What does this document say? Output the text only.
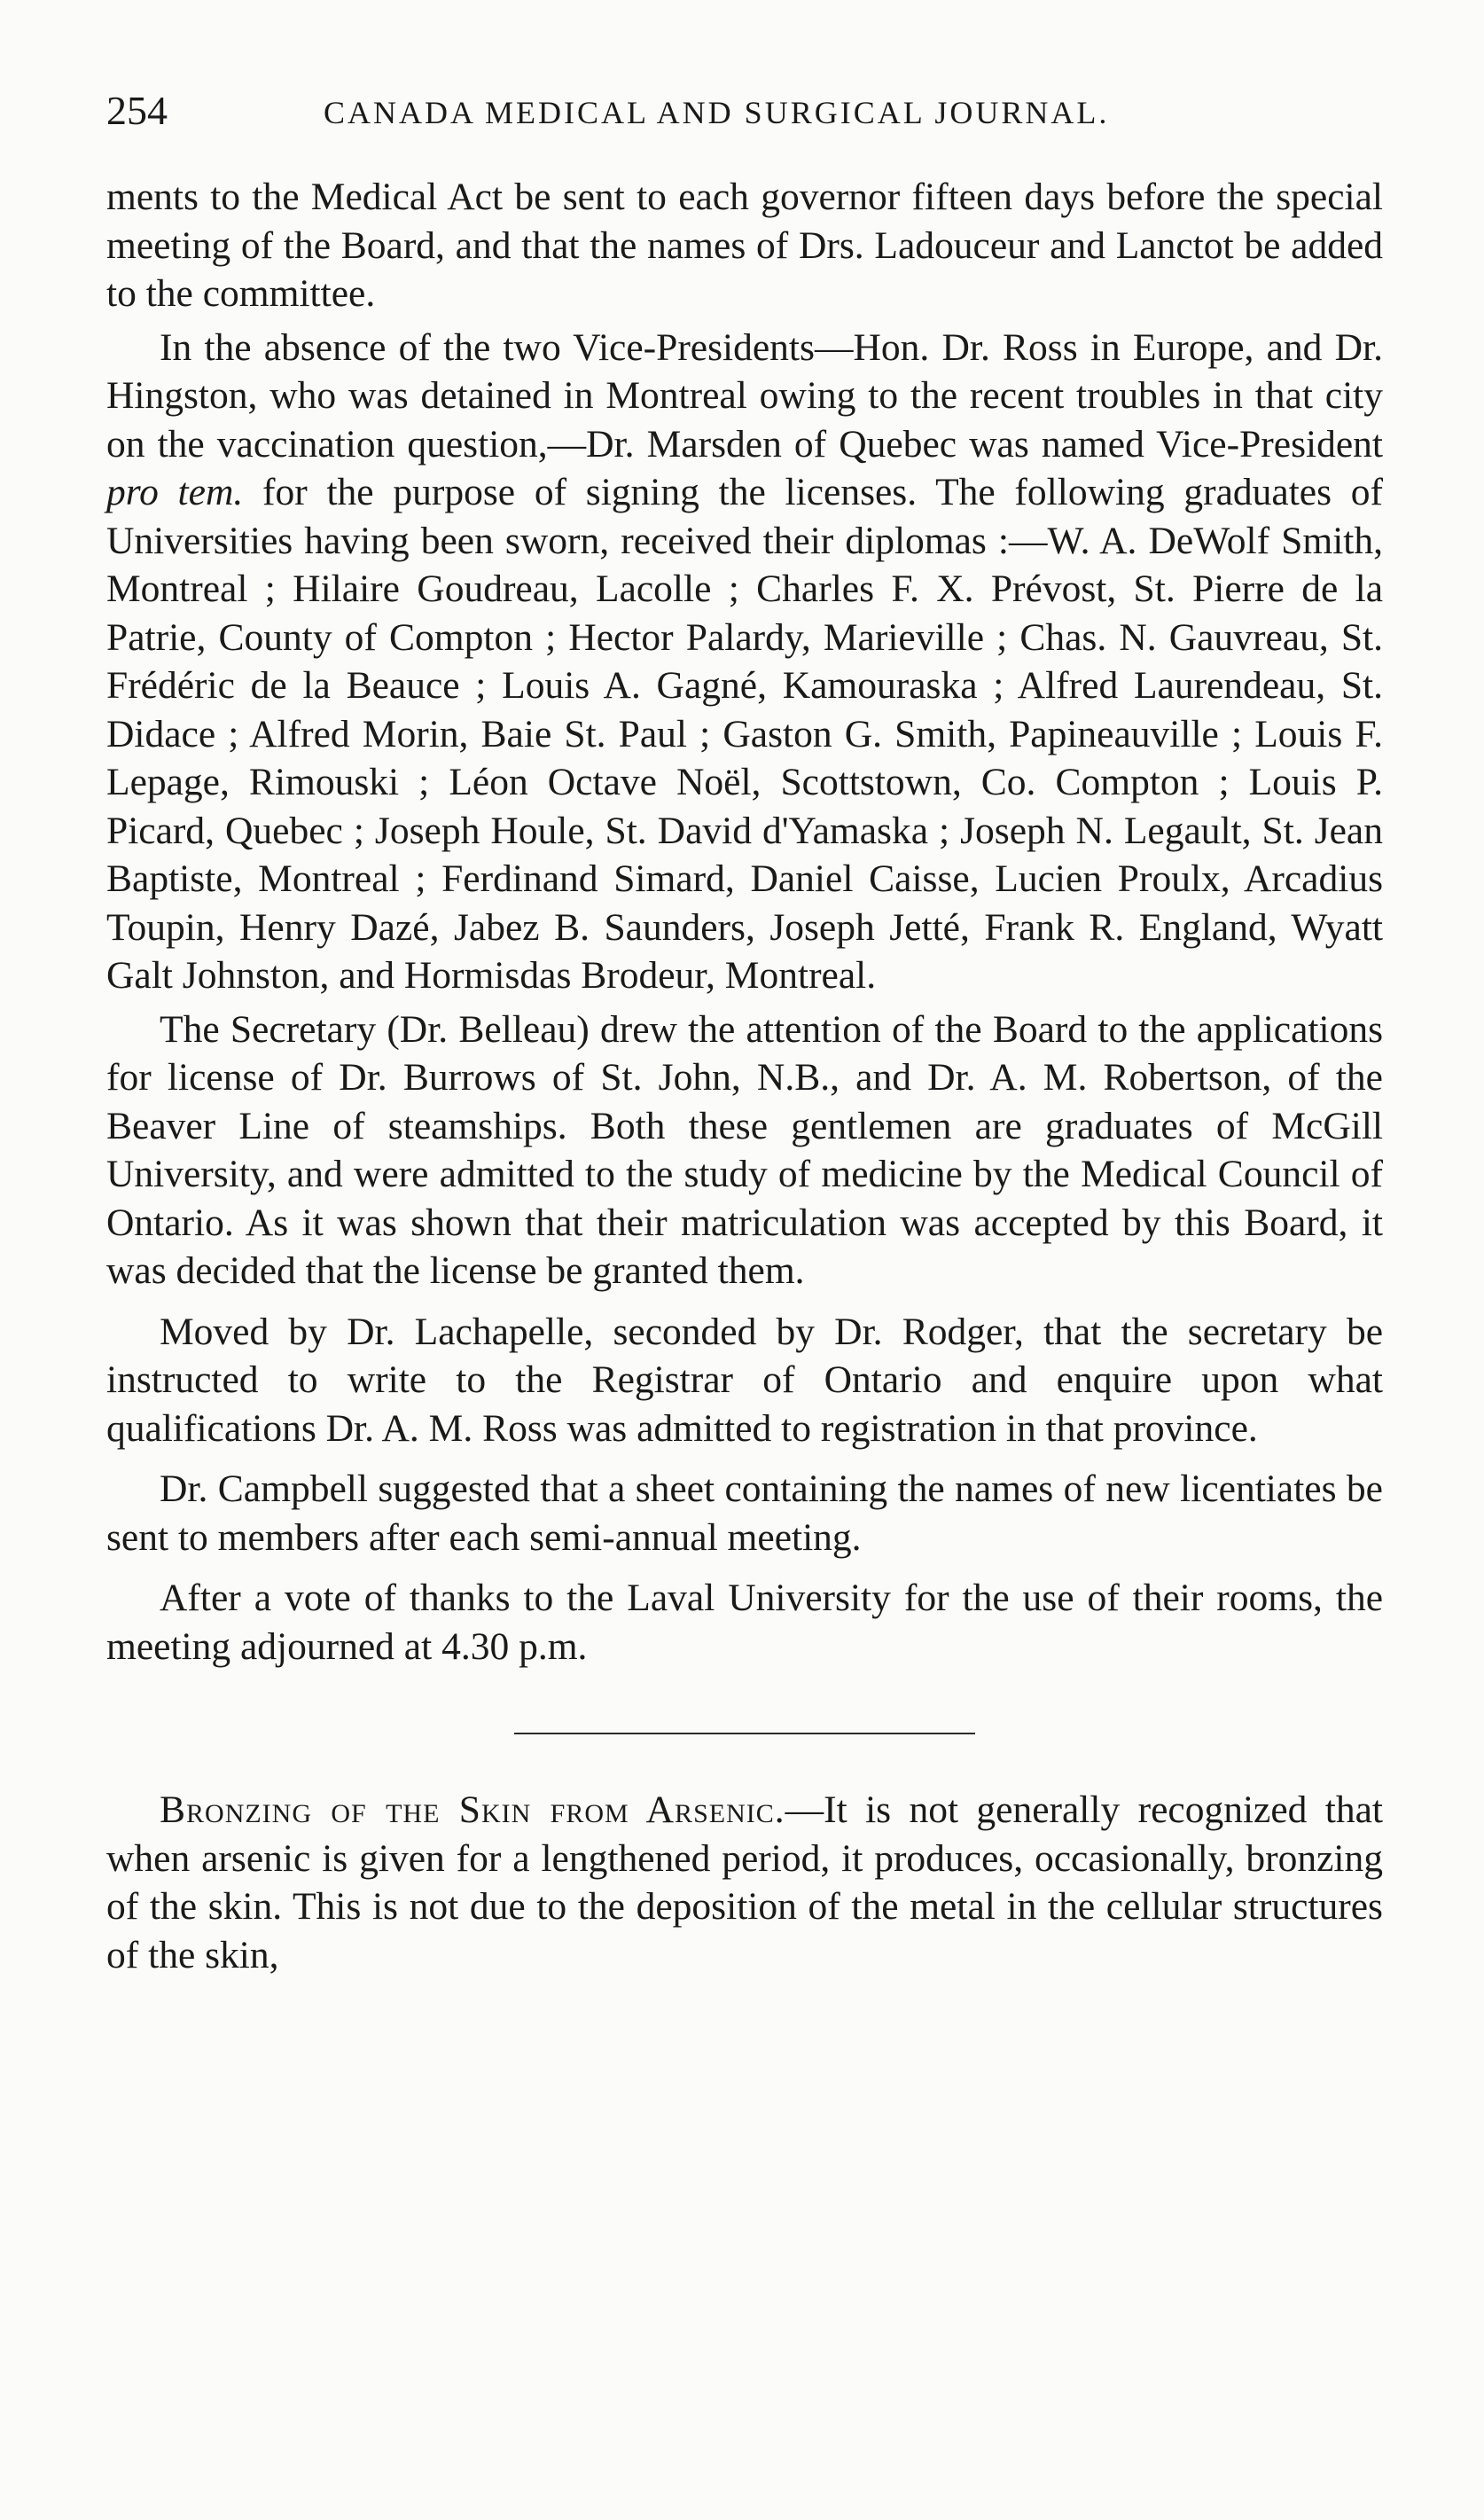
254	CANADA MEDICAL AND SURGICAL JOURNAL.

ments to the Medical Act be sent to each governor fifteen days before the special meeting of the Board, and that the names of Drs. Ladouceur and Lanctot be added to the committee.

In the absence of the two Vice-Presidents—Hon. Dr. Ross in Europe, and Dr. Hingston, who was detained in Montreal owing to the recent troubles in that city on the vaccination question,—Dr. Marsden of Quebec was named Vice-President pro tem. for the purpose of signing the licenses. The following graduates of Universities having been sworn, received their diplomas :—W. A. DeWolf Smith, Montreal ; Hilaire Goudreau, Lacolle ; Charles F. X. Prévost, St. Pierre de la Patrie, County of Compton ; Hector Palardy, Marieville ; Chas. N. Gauvreau, St. Frédéric de la Beauce ; Louis A. Gagné, Kamouraska ; Alfred Laurendeau, St. Didace ; Alfred Morin, Baie St. Paul ; Gaston G. Smith, Papineauville ; Louis F. Lepage, Rimouski ; Léon Octave Noël, Scottstown, Co. Compton ; Louis P. Picard, Quebec ; Joseph Houle, St. David d'Yamaska ; Joseph N. Legault, St. Jean Baptiste, Montreal ; Ferdinand Simard, Daniel Caisse, Lucien Proulx, Arcadius Toupin, Henry Dazé, Jabez B. Saunders, Joseph Jetté, Frank R. England, Wyatt Galt Johnston, and Hormisdas Brodeur, Montreal.

The Secretary (Dr. Belleau) drew the attention of the Board to the applications for license of Dr. Burrows of St. John, N.B., and Dr. A. M. Robertson, of the Beaver Line of steamships. Both these gentlemen are graduates of McGill University, and were admitted to the study of medicine by the Medical Council of Ontario. As it was shown that their matriculation was accepted by this Board, it was decided that the license be granted them.

Moved by Dr. Lachapelle, seconded by Dr. Rodger, that the secretary be instructed to write to the Registrar of Ontario and enquire upon what qualifications Dr. A. M. Ross was admitted to registration in that province.

Dr. Campbell suggested that a sheet containing the names of new licentiates be sent to members after each semi-annual meeting.

After a vote of thanks to the Laval University for the use of their rooms, the meeting adjourned at 4.30 p.m.

Bronzing of the Skin from Arsenic.—It is not generally recognized that when arsenic is given for a lengthened period, it produces, occasionally, bronzing of the skin. This is not due to the deposition of the metal in the cellular structures of the skin,
